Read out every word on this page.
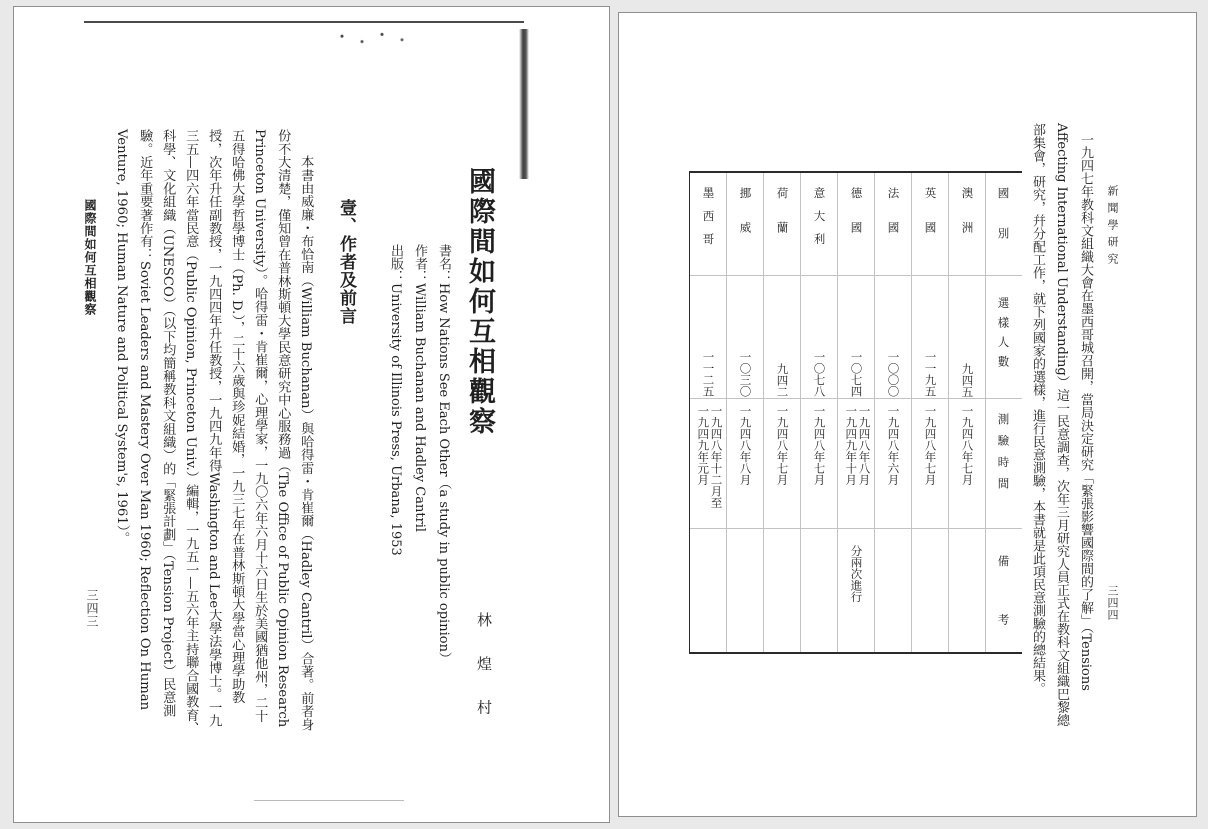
國際間如何互相觀察
林 煌 村
書名：How Nations See Each Other（a study in public opinion）
作者：William Buchanan and Hadley Cantril
出版：University of Illinois Press, Urbana, 1953
壹、作者及前言
本書由威廉・布恰南（William Buchanan）與哈得雷・肯崔爾（Hadley Cantril）合著。前者身
份不大清楚，僅知曾在普林斯頓大學民意研究中心服務過（The Office of Public Opinion Research
Princeton University）。哈得雷・肯崔爾，心理學家，一九〇六年六月十六日生於美國猶他州，二十
五得哈佛大學哲學博士（Ph. D.），二十六歲與珍妮結婚，一九三七年在普林斯頓大學當心理學助教
授，次年升任副教授，一九四四年升任教授，一九四九年得Washington and Lee大學法學博士。一九
三五—四六年當民意（Public Opinion, Princeton Univ.）編輯，一九五一—五六年主持聯合國教育、
科學、文化組織（UNESCO）（以下均簡稱教科文組織）的「緊張計劃」（Tension Project）民意測
驗。近年重要著作有：Soviet Leaders and Mastery Over Man 1960; Reflection On Human
Venture, 1960; Human Nature and Political System's, 1961）。
國際間如何互相觀察
三四三
新聞學研究
三四四
一九四七年教科文組織大會在墨西哥城召開，當局決定研究「緊張影響國際間的了解」（Tensions
Affecting International Understanding）這一民意調查，次年三月研究人員正式在教科文組織巴黎總
部集會，研究，幷分配工作，就下列國家的選樣，進行民意測驗，本書就是此項民意測驗的總結果。
國　　別
選樣人數
測驗時間
備　　考
澳　　洲
九四五
一九四八年七月
英　　國
一一九五
一九四八年七月
法　　國
一〇〇〇
一九四八年六月
德　　國
一〇七四
一九四八年八月
一九四九年十月
分兩次進行
意　大　利
一〇七八
一九四八年七月
荷　　蘭
九四二
一九四八年七月
挪　　威
一〇三〇
一九四八年八月
墨　西　哥
一一二五
一九四八年十二月至
一九四九年元月
